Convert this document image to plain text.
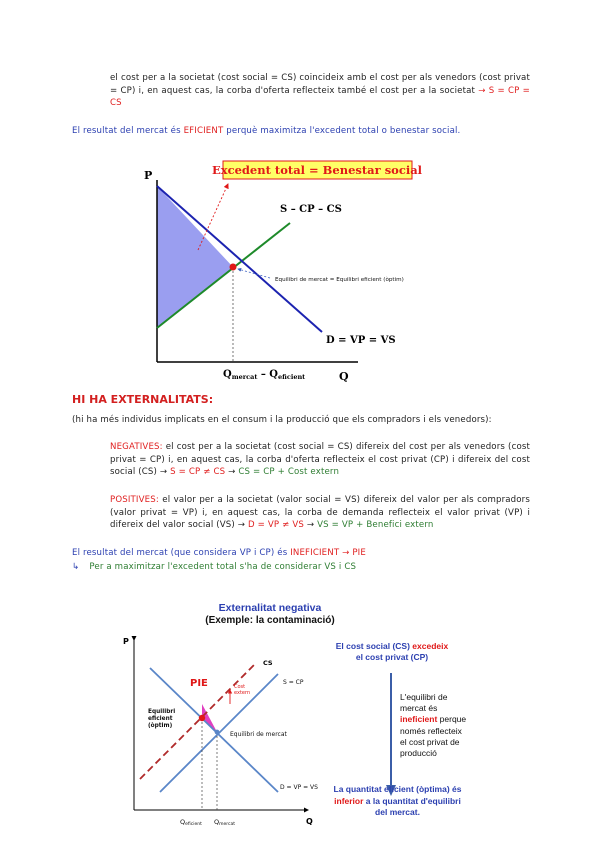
el cost per a la societat (cost social = CS) coincideix amb el cost per als venedors (cost privat = CP) i, en aquest cas, la corba d'oferta reflecteix també el cost per a la societat → S = CP = CS
El resultat del mercat és EFICIENT perquè maximitza l'excedent total o benestar social.
Excedent total = Benestar social
P
Q
S – CP – CS
D = VP = VS
Equilibri de mercat = Equilibri eficient (òptim)
$Q_{mercat} - Q_{eficient}$
HI HA EXTERNALITATS:
(hi ha més individus implicats en el consum i la producció que els compradors i els venedors):
NEGATIVES: el cost per a la societat (cost social = CS) difereix del cost per als venedors (cost privat = CP) i, en aquest cas, la corba d'oferta reflecteix el cost privat (CP) i difereix del cost social (CS) → S = CP ≠ CS → CS = CP + Cost extern
POSITIVES: el valor per a la societat (valor social = VS) difereix del valor per als compradors (valor privat = VP) i, en aquest cas, la corba de demanda reflecteix el valor privat (VP) i difereix del valor social (VS) → D = VP ≠ VS → VS = VP + Benefici extern
El resultat del mercat (que considera VP i CP) és INEFICIENT → PIE
↳ Per a maximitzar l'excedent total s'ha de considerar VS i CS
Externalitat negativa
(Exemple: la contaminació)
P
Q
CS
S = CP
D = VP = VS
PIE	Cost extern
Equilibri eficient (òptim)
Equilibri de mercat
Qeficient Qmercat
El cost social (CS) excedeix
el cost privat (CP)
L'equilibri de
mercat és
ineficient perque
només reflecteix
el cost privat de
producció
La quantitat eficient (òptima) és
inferior a la quantitat d'equilibri
del mercat.
